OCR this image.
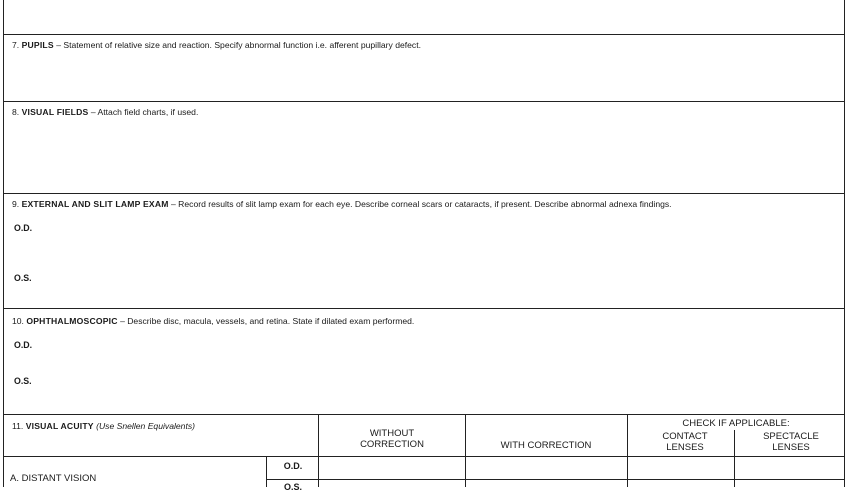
7. PUPILS – Statement of relative size and reaction. Specify abnormal function i.e. afferent pupillary defect.
8. VISUAL FIELDS – Attach field charts, if used.
9. EXTERNAL AND SLIT LAMP EXAM – Record results of slit lamp exam for each eye. Describe corneal scars or cataracts, if present. Describe abnormal adnexa findings.
O.D.
O.S.
10. OPHTHALMOSCOPIC – Describe disc, macula, vessels, and retina. State if dilated exam performed.
O.D.
O.S.
11. VISUAL ACUITY (Use Snellen Equivalents)
WITHOUT CORRECTION	WITH CORRECTION
CHECK IF APPLICABLE:
CONTACT LENSES
SPECTACLE LENSES
A. DISTANT VISION
O.D.
O.S.
